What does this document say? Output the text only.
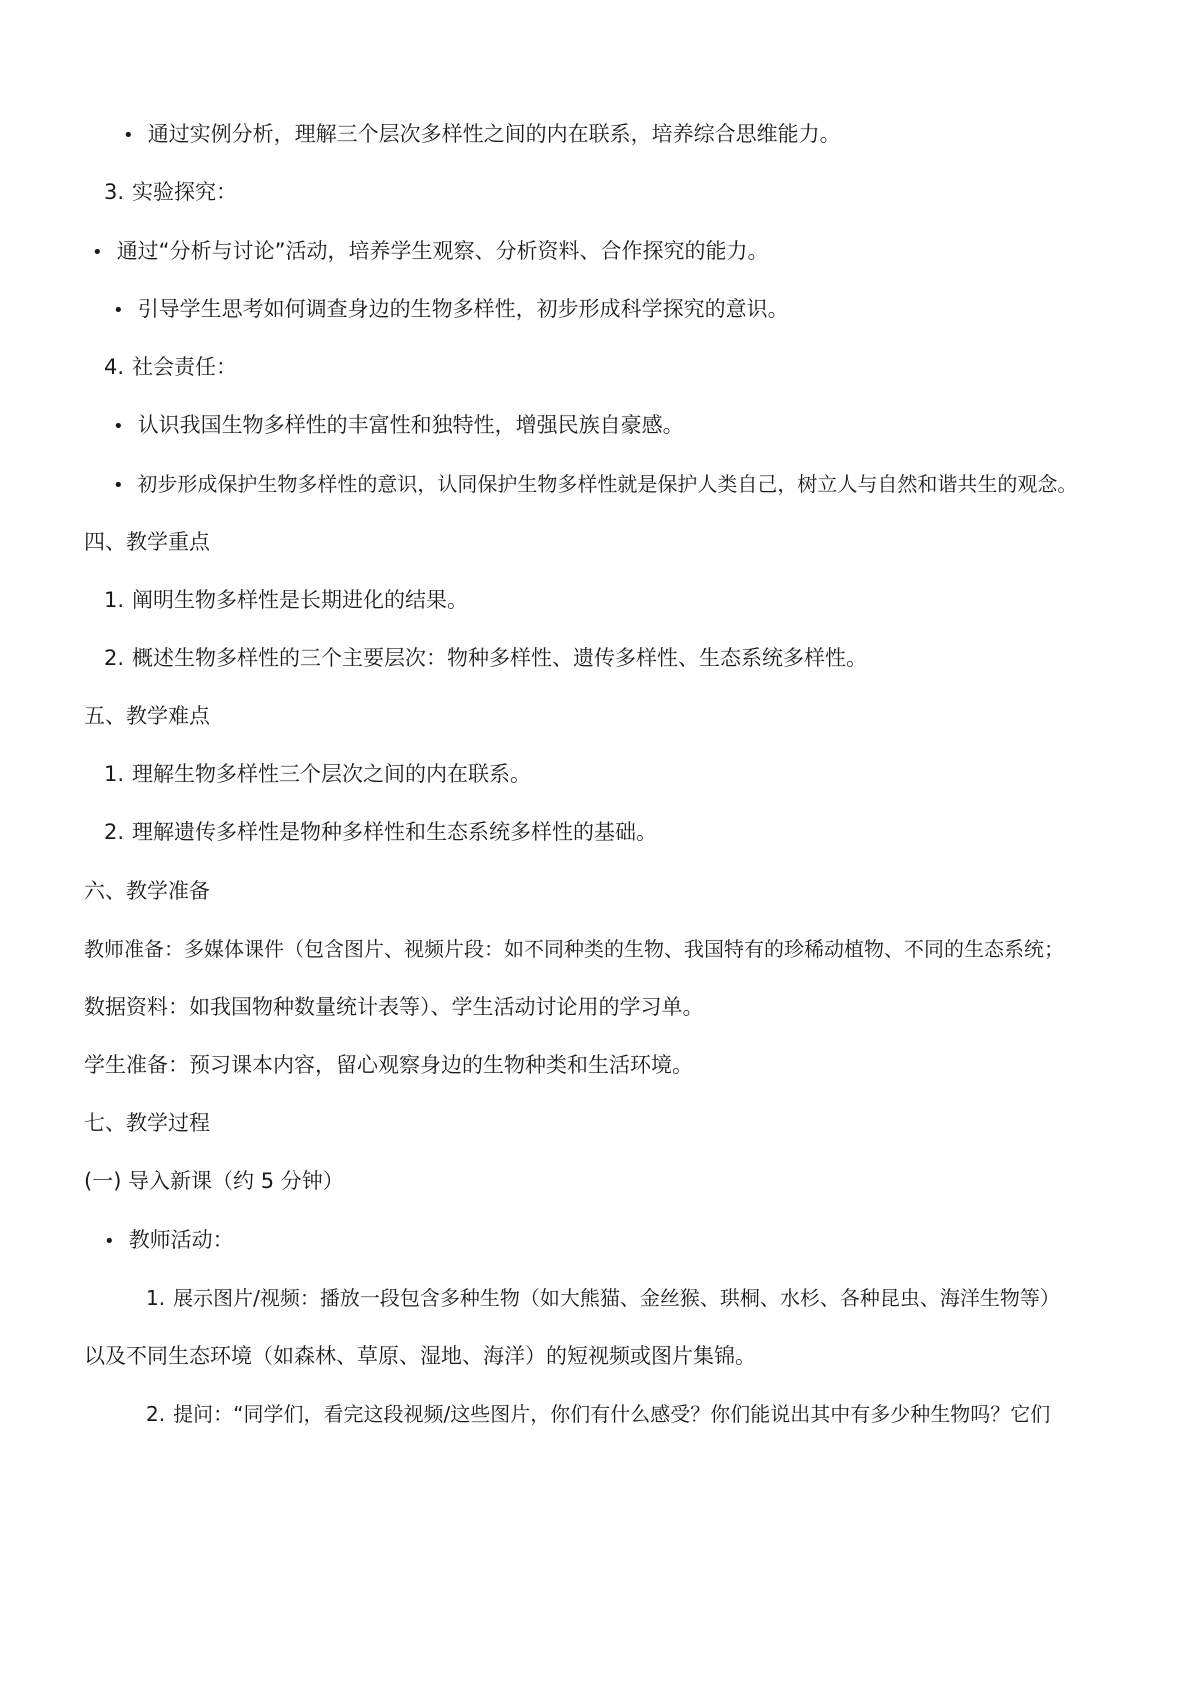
• 通过实例分析，理解三个层次多样性之间的内在联系，培养综合思维能力。
3. 实验探究：
• 通过“分析与讨论”活动，培养学生观察、分析资料、合作探究的能力。
• 引导学生思考如何调查身边的生物多样性，初步形成科学探究的意识。
4. 社会责任：
• 认识我国生物多样性的丰富性和独特性，增强民族自豪感。
• 初步形成保护生物多样性的意识，认同保护生物多样性就是保护人类自己，树立人与自然和谐共生的观念。
四、教学重点
1. 阐明生物多样性是长期进化的结果。
2. 概述生物多样性的三个主要层次：物种多样性、遗传多样性、生态系统多样性。
五、教学难点
1. 理解生物多样性三个层次之间的内在联系。
2. 理解遗传多样性是物种多样性和生态系统多样性的基础。
六、教学准备
教师准备：多媒体课件（包含图片、视频片段：如不同种类的生物、我国特有的珍稀动植物、不同的生态系统；
数据资料：如我国物种数量统计表等）、学生活动讨论用的学习单。
学生准备：预习课本内容，留心观察身边的生物种类和生活环境。
七、教学过程
(一) 导入新课（约 5 分钟）
• 教师活动：
1. 展示图片/视频：播放一段包含多种生物（如大熊猫、金丝猴、珙桐、水杉、各种昆虫、海洋生物等）
以及不同生态环境（如森林、草原、湿地、海洋）的短视频或图片集锦。
2. 提问：“同学们，看完这段视频/这些图片，你们有什么感受？你们能说出其中有多少种生物吗？它们
